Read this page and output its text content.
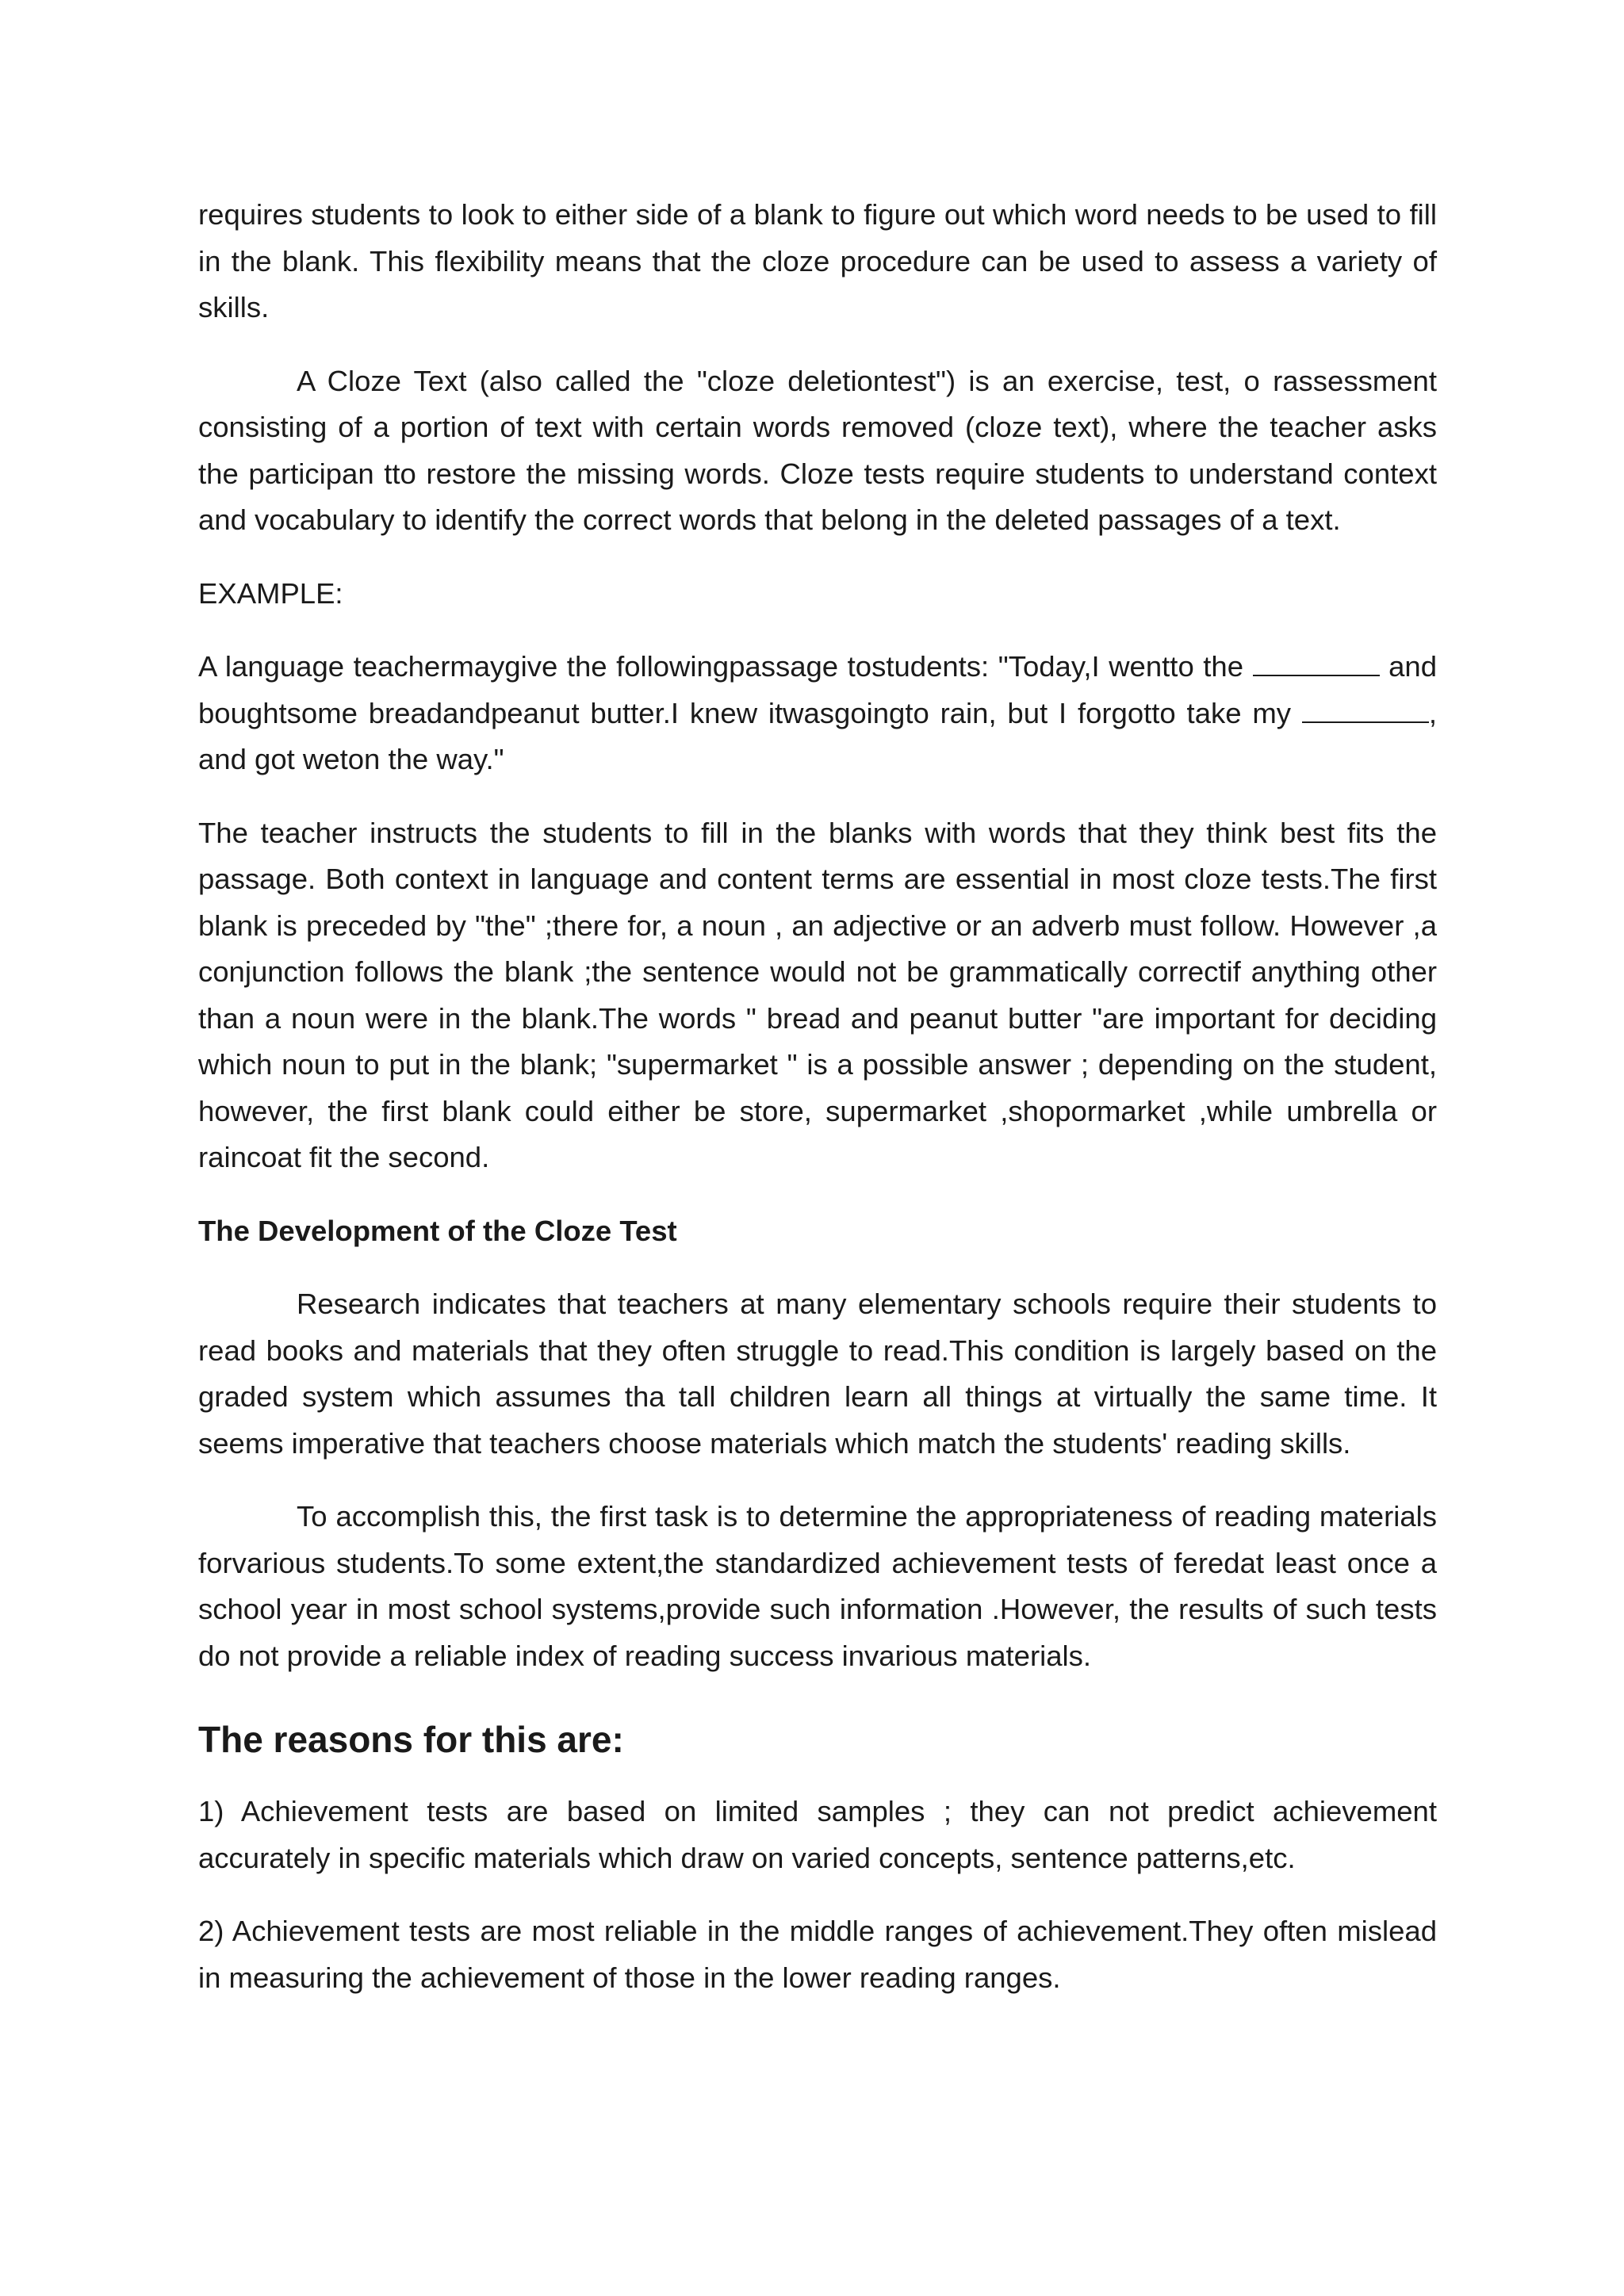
requires students to look to either side of a blank to figure out which word needs to be used to fill in the blank. This flexibility means that the cloze procedure can be used to assess a variety of skills.

A Cloze Text (also called the "cloze deletiontest") is an exercise, test, o rassessment consisting of a portion of text with certain words removed (cloze text), where the teacher asks the participan tto restore the missing words. Cloze tests require students to understand context and vocabulary to identify the correct words that belong in the deleted passages of a text.

EXAMPLE:

A language teachermaygive the followingpassage tostudents: "Today,I wentto the	and boughtsome breadandpeanut butter.I knew itwasgoingto rain, but I forgotto take my	, and got weton the way."

The teacher instructs the students to fill in the blanks with words that they think best fits the passage. Both context in language and content terms are essential in most cloze tests.The first blank is preceded by "the" ;there for, a noun , an adjective or an adverb must follow. However ,a conjunction follows the blank ;the sentence would not be grammatically correctif anything other than a noun were in the blank.The words " bread and peanut butter "are important for deciding which noun to put in the blank; "supermarket " is a possible answer ; depending on the student, however, the first blank could either be store, supermarket ,shopormarket ,while umbrella or raincoat fit the second.

The Development of the Cloze Test

Research indicates that teachers at many elementary schools require their students to read books and materials that they often struggle to read.This condition is largely based on the graded system which assumes tha tall children learn all things at virtually the same time. It seems imperative that teachers choose materials which match the students' reading skills.

To accomplish this, the first task is to determine the appropriateness of reading materials forvarious students.To some extent,the standardized achievement tests of feredat least once a school year in most school systems,provide such information .However, the results of such tests do not provide a reliable index of reading success invarious materials.

The reasons for this are:

1) Achievement tests are based on limited samples ; they can not predict achievement accurately in specific materials which draw on varied concepts, sentence patterns,etc.

2) Achievement tests are most reliable in the middle ranges of achievement.They often mislead in measuring the achievement of those in the lower reading ranges.
